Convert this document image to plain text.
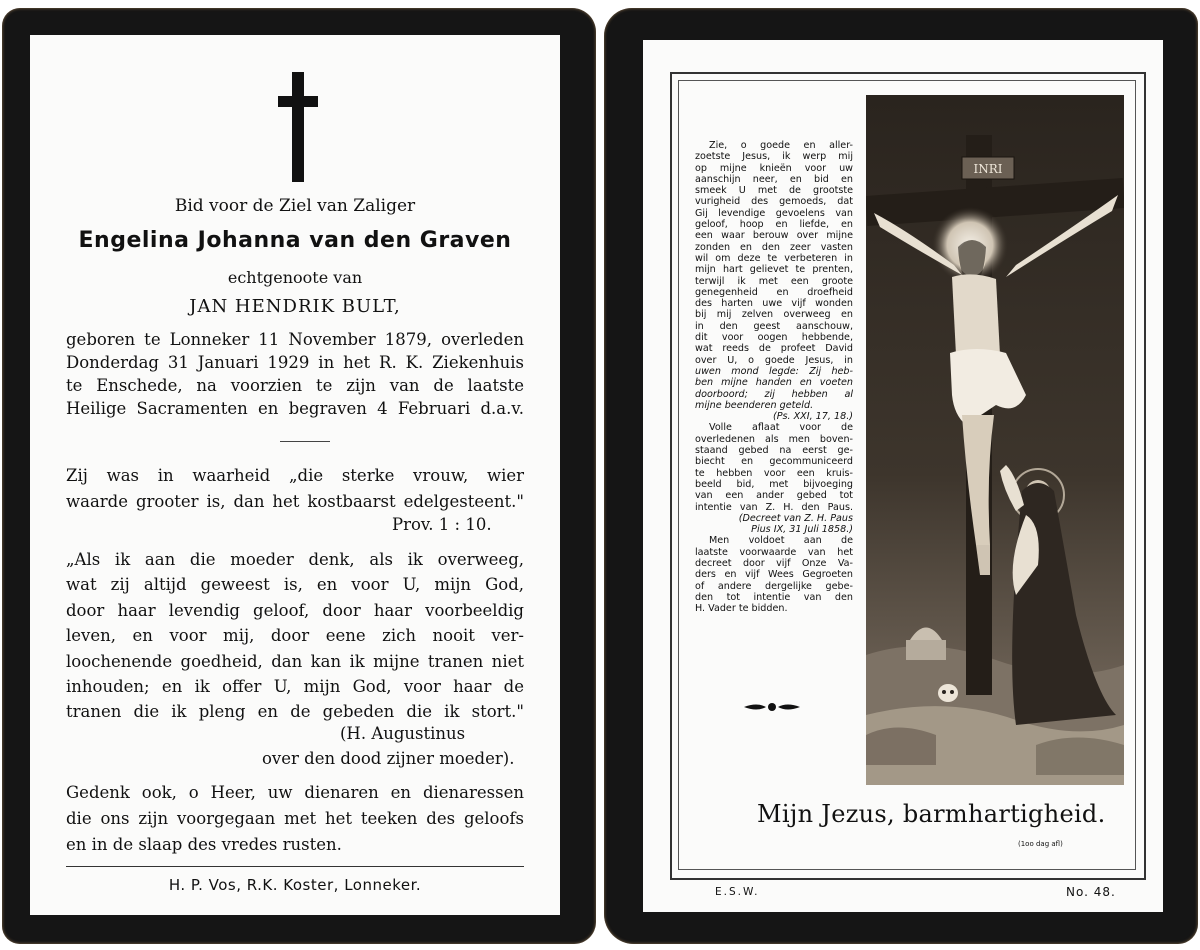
Bid voor de Ziel van Zaliger
Engelina Johanna van den Graven
echtgenoote van
JAN HENDRIK BULT,
geboren te Lonneker 11 November 1879, overleden
Donderdag 31 Januari 1929 in het R. K. Ziekenhuis
te Enschede, na voorzien te zijn van de laatste
Heilige Sacramenten en begraven 4 Februari d.a.v.
Zij was in waarheid „die sterke vrouw, wier
waarde grooter is, dan het kostbaarst edelgesteent."
Prov. 1 : 10.
„Als ik aan die moeder denk, als ik overweeg,
wat zij altijd geweest is, en voor U, mijn God,
door haar levendig geloof, door haar voorbeeldig
leven, en voor mij, door eene zich nooit ver-
loochenende goedheid, dan kan ik mijne tranen niet
inhouden; en ik offer U, mijn God, voor haar de
tranen die ik pleng en de gebeden die ik stort."
(H. Augustinus
over den dood zijner moeder).
Gedenk ook, o Heer, uw dienaren en dienaressen
die ons zijn voorgegaan met het teeken des geloofs
en in de slaap des vredes rusten.
H. P. Vos, R.K. Koster, Lonneker.
Zie, o goede en aller-
zoetste Jesus, ik werp mij
op mijne knieën voor uw
aanschijn neer, en bid en
smeek U met de grootste
vurigheid des gemoeds, dat
Gij levendige gevoelens van
geloof, hoop en liefde, en
een waar berouw over mijne
zonden en den zeer vasten
wil om deze te verbeteren in
mijn hart gelievet te prenten,
terwijl ik met een groote
genegenheid en droefheid
des harten uwe vijf wonden
bij mij zelven overweeg en
in den geest aanschouw,
dit voor oogen hebbende,
wat reeds de profeet David
over U, o goede Jesus, in
uwen mond legde: Zij heb-
ben mijne handen en voeten
doorboord; zij hebben al
mijne beenderen geteld.
(Ps. XXI, 17, 18.)
Volle aflaat voor de
overledenen als men boven-
staand gebed na eerst ge-
biecht en gecommuniceerd
te hebben voor een kruis-
beeld bid, met bijvoeging
van een ander gebed tot
intentie van Z. H. den Paus.
(Decreet van Z. H. Paus
Pius IX, 31 Juli 1858.)
Men voldoet aan de
laatste voorwaarde van het
decreet door vijf Onze Va-
ders en vijf Wees Gegroeten
of andere dergelijke gebe-
den tot intentie van den
H. Vader te bidden.
INRI
Mijn Jezus, barmhartigheid.
(1oo dag afl)
E.S.W.	No. 48.
